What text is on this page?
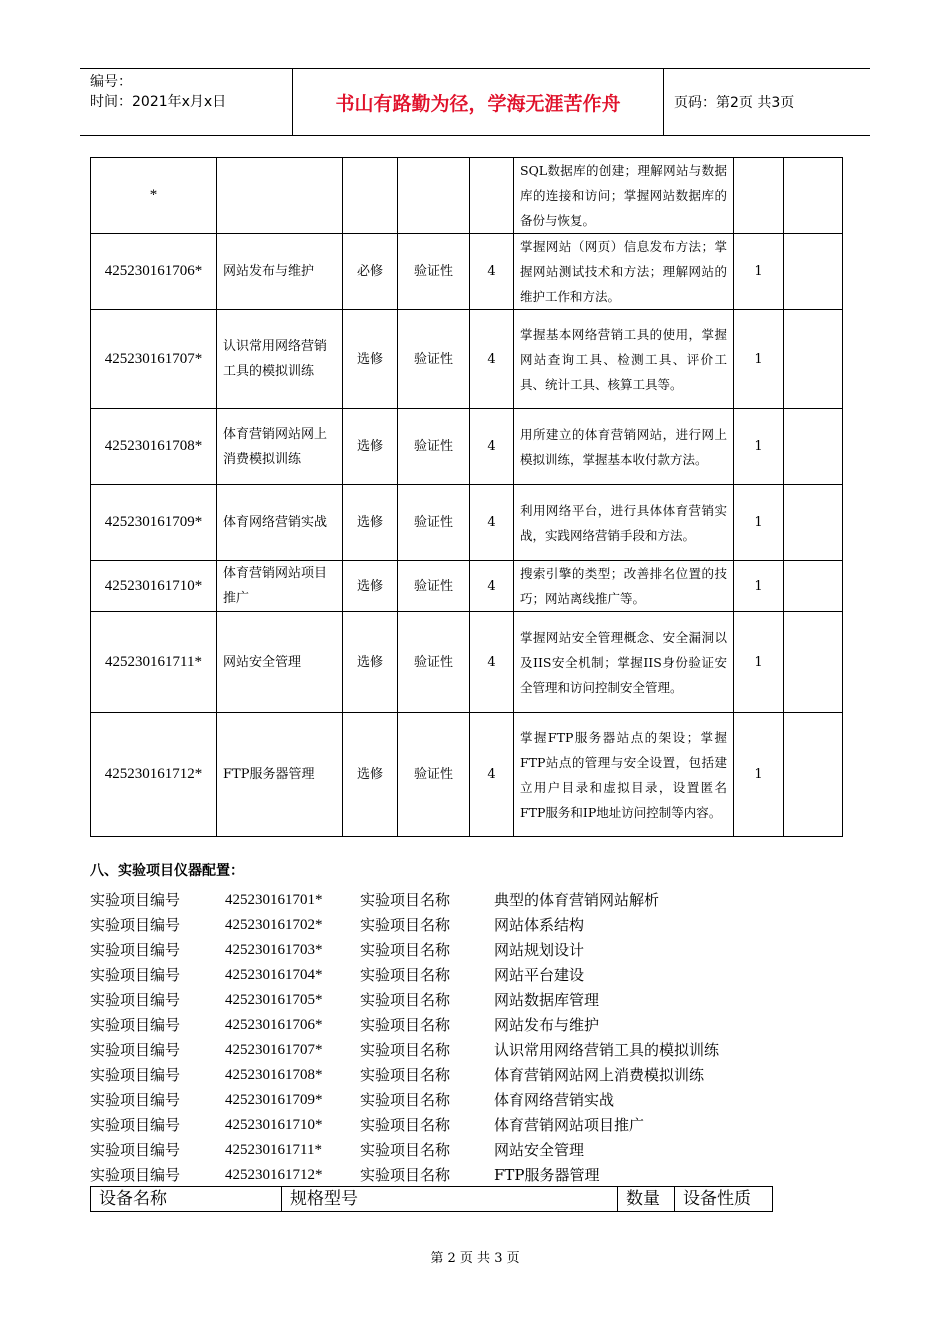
编号：
时间：2021年x月x日	书山有路勤为径，学海无涯苦作舟	页码：第2页 共3页
*					SQL数据库的创建；理解网站与数据库的连接和访问；掌握网站数据库的备份与恢复。		
425230161706*	网站发布与维护	必修	验证性	4	掌握网站（网页）信息发布方法；掌握网站测试技术和方法；理解网站的维护工作和方法。	1	
425230161707*	认识常用网络营销工具的模拟训练	选修	验证性	4	掌握基本网络营销工具的使用，掌握网站查询工具、检测工具、评价工具、统计工具、核算工具等。	1	
425230161708*	体育营销网站网上消费模拟训练	选修	验证性	4	用所建立的体育营销网站，进行网上模拟训练，掌握基本收付款方法。	1	
425230161709*	体育网络营销实战	选修	验证性	4	利用网络平台，进行具体体育营销实战，实践网络营销手段和方法。	1	
425230161710*	体育营销网站项目推广	选修	验证性	4	搜索引擎的类型；改善排名位置的技巧；网站离线推广等。	1	
425230161711*	网站安全管理	选修	验证性	4	掌握网站安全管理概念、安全漏洞以及IIS安全机制；掌握IIS身份验证安全管理和访问控制安全管理。	1	
425230161712*	FTP服务器管理	选修	验证性	4	掌握FTP服务器站点的架设；掌握FTP站点的管理与安全设置，包括建立用户目录和虚拟目录，设置匿名FTP服务和IP地址访问控制等内容。	1	
八、实验项目仪器配置：
实验项目编号	425230161701*	实验项目名称	典型的体育营销网站解析
实验项目编号	425230161702*	实验项目名称	网站体系结构
实验项目编号	425230161703*	实验项目名称	网站规划设计
实验项目编号	425230161704*	实验项目名称	网站平台建设
实验项目编号	425230161705*	实验项目名称	网站数据库管理
实验项目编号	425230161706*	实验项目名称	网站发布与维护
实验项目编号	425230161707*	实验项目名称	认识常用网络营销工具的模拟训练
实验项目编号	425230161708*	实验项目名称	体育营销网站网上消费模拟训练
实验项目编号	425230161709*	实验项目名称	体育网络营销实战
实验项目编号	425230161710*	实验项目名称	体育营销网站项目推广
实验项目编号	425230161711*	实验项目名称	网站安全管理
实验项目编号	425230161712*	实验项目名称	FTP服务器管理
设备名称	规格型号	数量	设备性质
第 2 页 共 3 页
